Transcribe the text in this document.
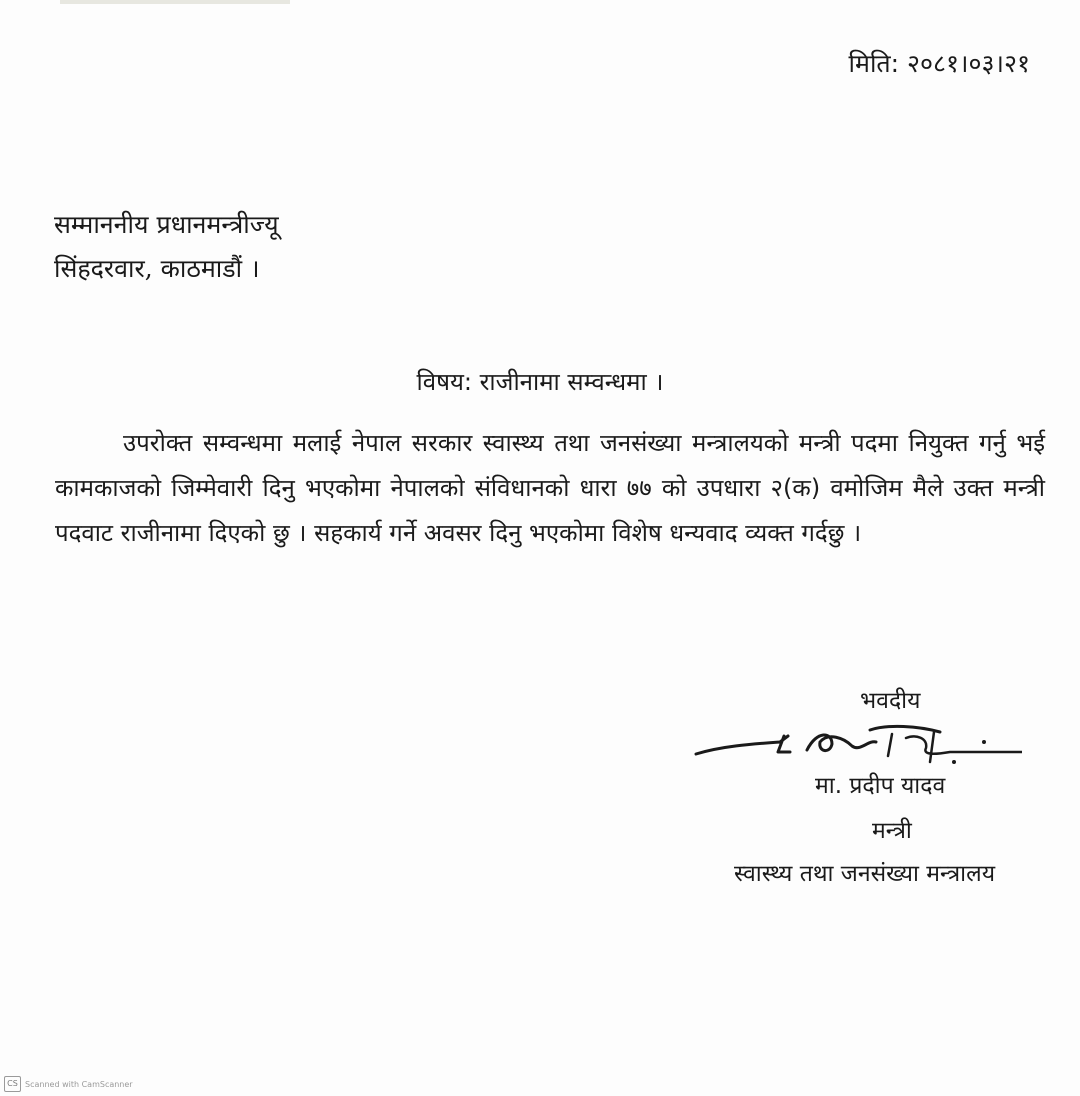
मिति: २०८१।०३।२१
सम्माननीय प्रधानमन्त्रीज्यू
सिंहदरवार, काठमाडौं ।
विषय: राजीनामा सम्वन्धमा ।
उपरोक्त सम्वन्धमा मलाई नेपाल सरकार स्वास्थ्य तथा जनसंख्या मन्त्रालयको मन्त्री पदमा नियुक्त गर्नु भई कामकाजको जिम्मेवारी दिनु भएकोमा नेपालको संविधानको धारा ७७ को उपधारा २(क) वमोजिम मैले उक्त मन्त्री पदवाट राजीनामा दिएको छु । सहकार्य गर्ने अवसर दिनु भएकोमा विशेष धन्यवाद व्यक्त गर्दछु ।
भवदीय
मा. प्रदीप यादव
मन्त्री
स्वास्थ्य तथा जनसंख्या मन्त्रालय
CS Scanned with CamScanner
